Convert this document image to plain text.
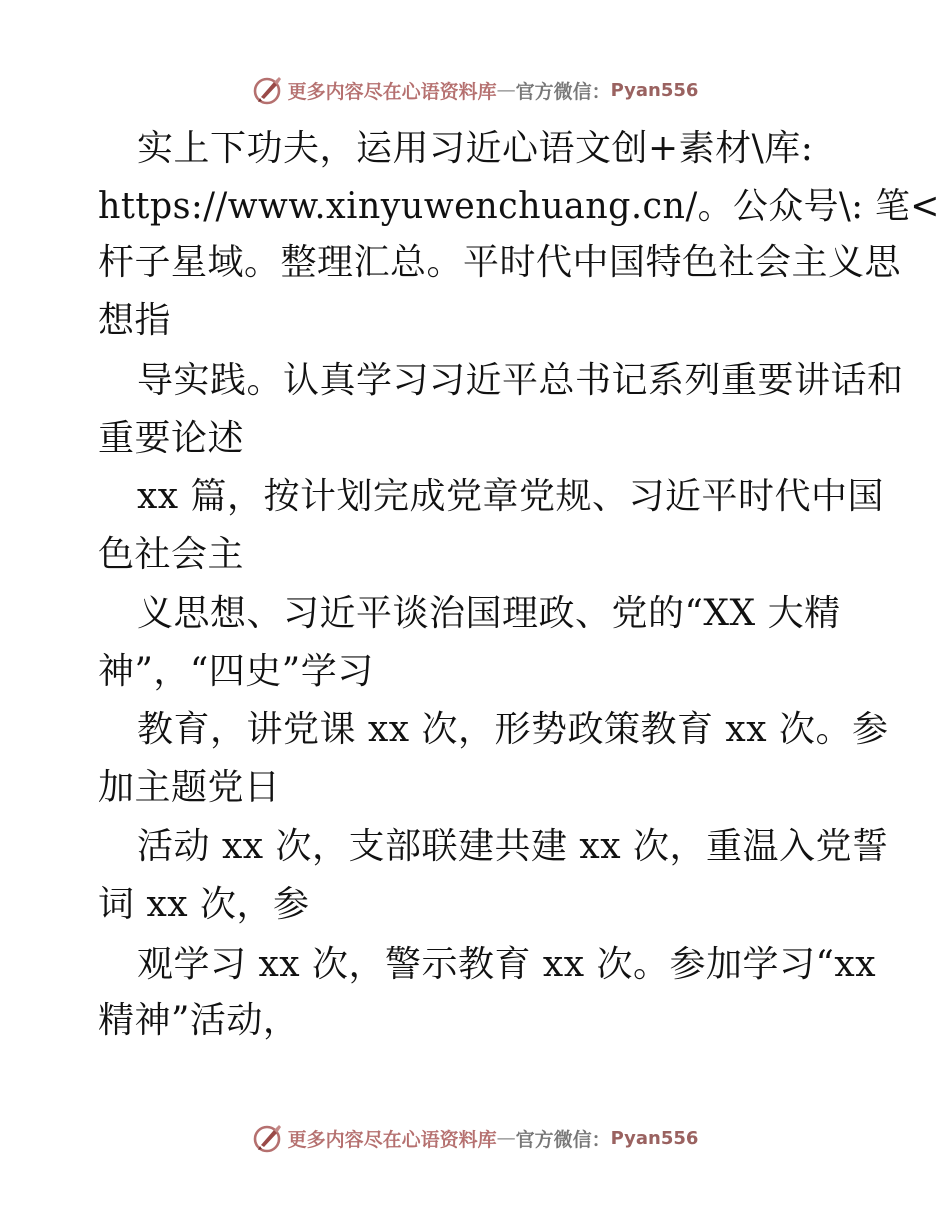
更多内容尽在心语资料库 — 官方微信： Pyan556
实上下功夫，运用习近心语文创+素材\库:
https://www.xinyuwenchuang.cn/。公众号\: 笔<
杆子星域。整理汇总。平时代中国特色社会主义思
想指
导实践。认真学习习近平总书记系列重要讲话和
重要论述
xx 篇，按计划完成党章党规、习近平时代中国
色社会主
义思想、习近平谈治国理政、党的“XX 大精
神”，“四史”学习
教育，讲党课 xx 次，形势政策教育 xx 次。参
加主题党日
活动 xx 次，支部联建共建 xx 次，重温入党誓
词 xx 次，参
观学习 xx 次，警示教育 xx 次。参加学习“xx
精神”活动，
更多内容尽在心语资料库 — 官方微信： Pyan556
